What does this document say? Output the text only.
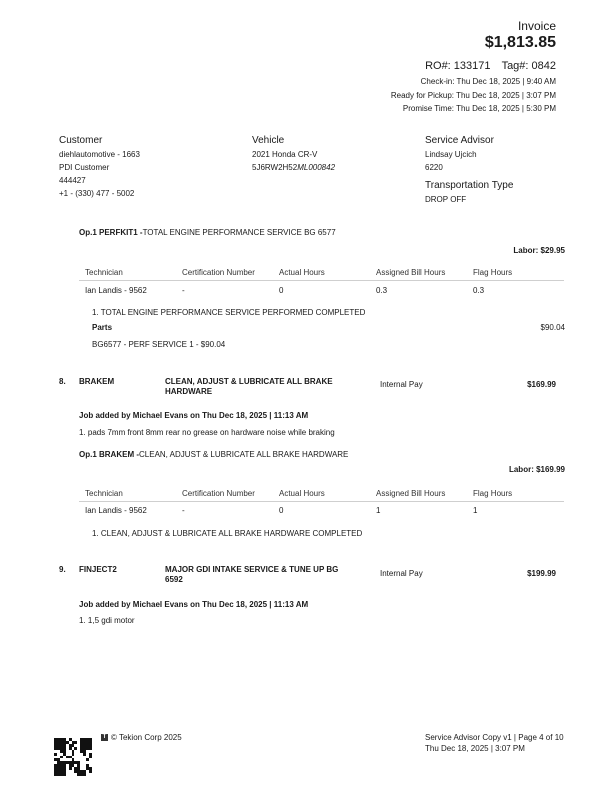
Invoice
$1,813.85
RO#: 133171 Tag#: 0842
Check-in: Thu Dec 18, 2025 | 9:40 AM
Ready for Pickup: Thu Dec 18, 2025 | 3:07 PM
Promise Time: Thu Dec 18, 2025 | 5:30 PM
Customer
diehlautomotive - 1663
PDI Customer
444427
+1 - (330) 477 - 5002
Vehicle
2021 Honda CR-V
5J6RW2H52ML000842
Service Advisor
Lindsay Ujcich
6220
Transportation Type
DROP OFF
Op.1 PERFKIT1 -TOTAL ENGINE PERFORMANCE SERVICE BG 6577
Labor: $29.95
Technician	Certification Number	Actual Hours	Assigned Bill Hours	Flag Hours

Ian Landis - 9562	-	0	0.3	0.3
1. TOTAL ENGINE PERFORMANCE SERVICE PERFORMED COMPLETED
Parts	$90.04
BG6577 - PERF SERVICE 1 - $90.04
8. BRAKEM	CLEAN, ADJUST & LUBRICATE ALL BRAKE HARDWARE
Internal Pay	$169.99
Job added by Michael Evans on Thu Dec 18, 2025 | 11:13 AM
1. pads 7mm front 8mm rear no grease on hardware noise while braking
Op.1 BRAKEM -CLEAN, ADJUST & LUBRICATE ALL BRAKE HARDWARE
Labor: $169.99
Technician	Certification Number	Actual Hours	Assigned Bill Hours	Flag Hours

Ian Landis - 9562	-	0	1	1
1. CLEAN, ADJUST & LUBRICATE ALL BRAKE HARDWARE COMPLETED
9. FINJECT2	MAJOR GDI INTAKE SERVICE & TUNE UP BG 6592
Internal Pay	$199.99
Job added by Michael Evans on Thu Dec 18, 2025 | 11:13 AM
1. 1,5 gdi motor
T © Tekion Corp 2025	Service Advisor Copy v1 | Page 4 of 10
Thu Dec 18, 2025 | 3:07 PM
